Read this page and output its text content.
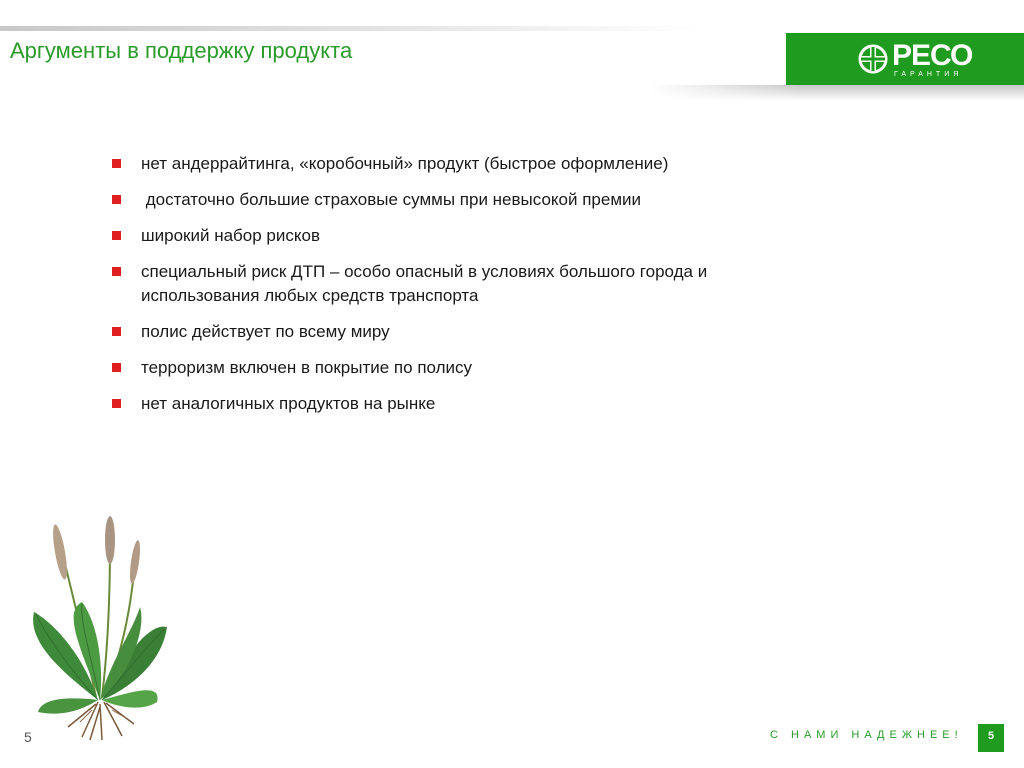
Аргументы в поддержку продукта	РЕСО
ГАРАНТИЯ
нет андеррайтинга, «коробочный» продукт (быстрое оформление)
достаточно большие страховые суммы при невысокой премии
широкий набор рисков
специальный риск ДТП – особо опасный в условиях большого города и использования любых средств транспорта
полис действует по всему миру
терроризм включен в покрытие по полису
нет аналогичных продуктов на рынке
5	С НАМИ НАДЕЖНЕЕ!	5
